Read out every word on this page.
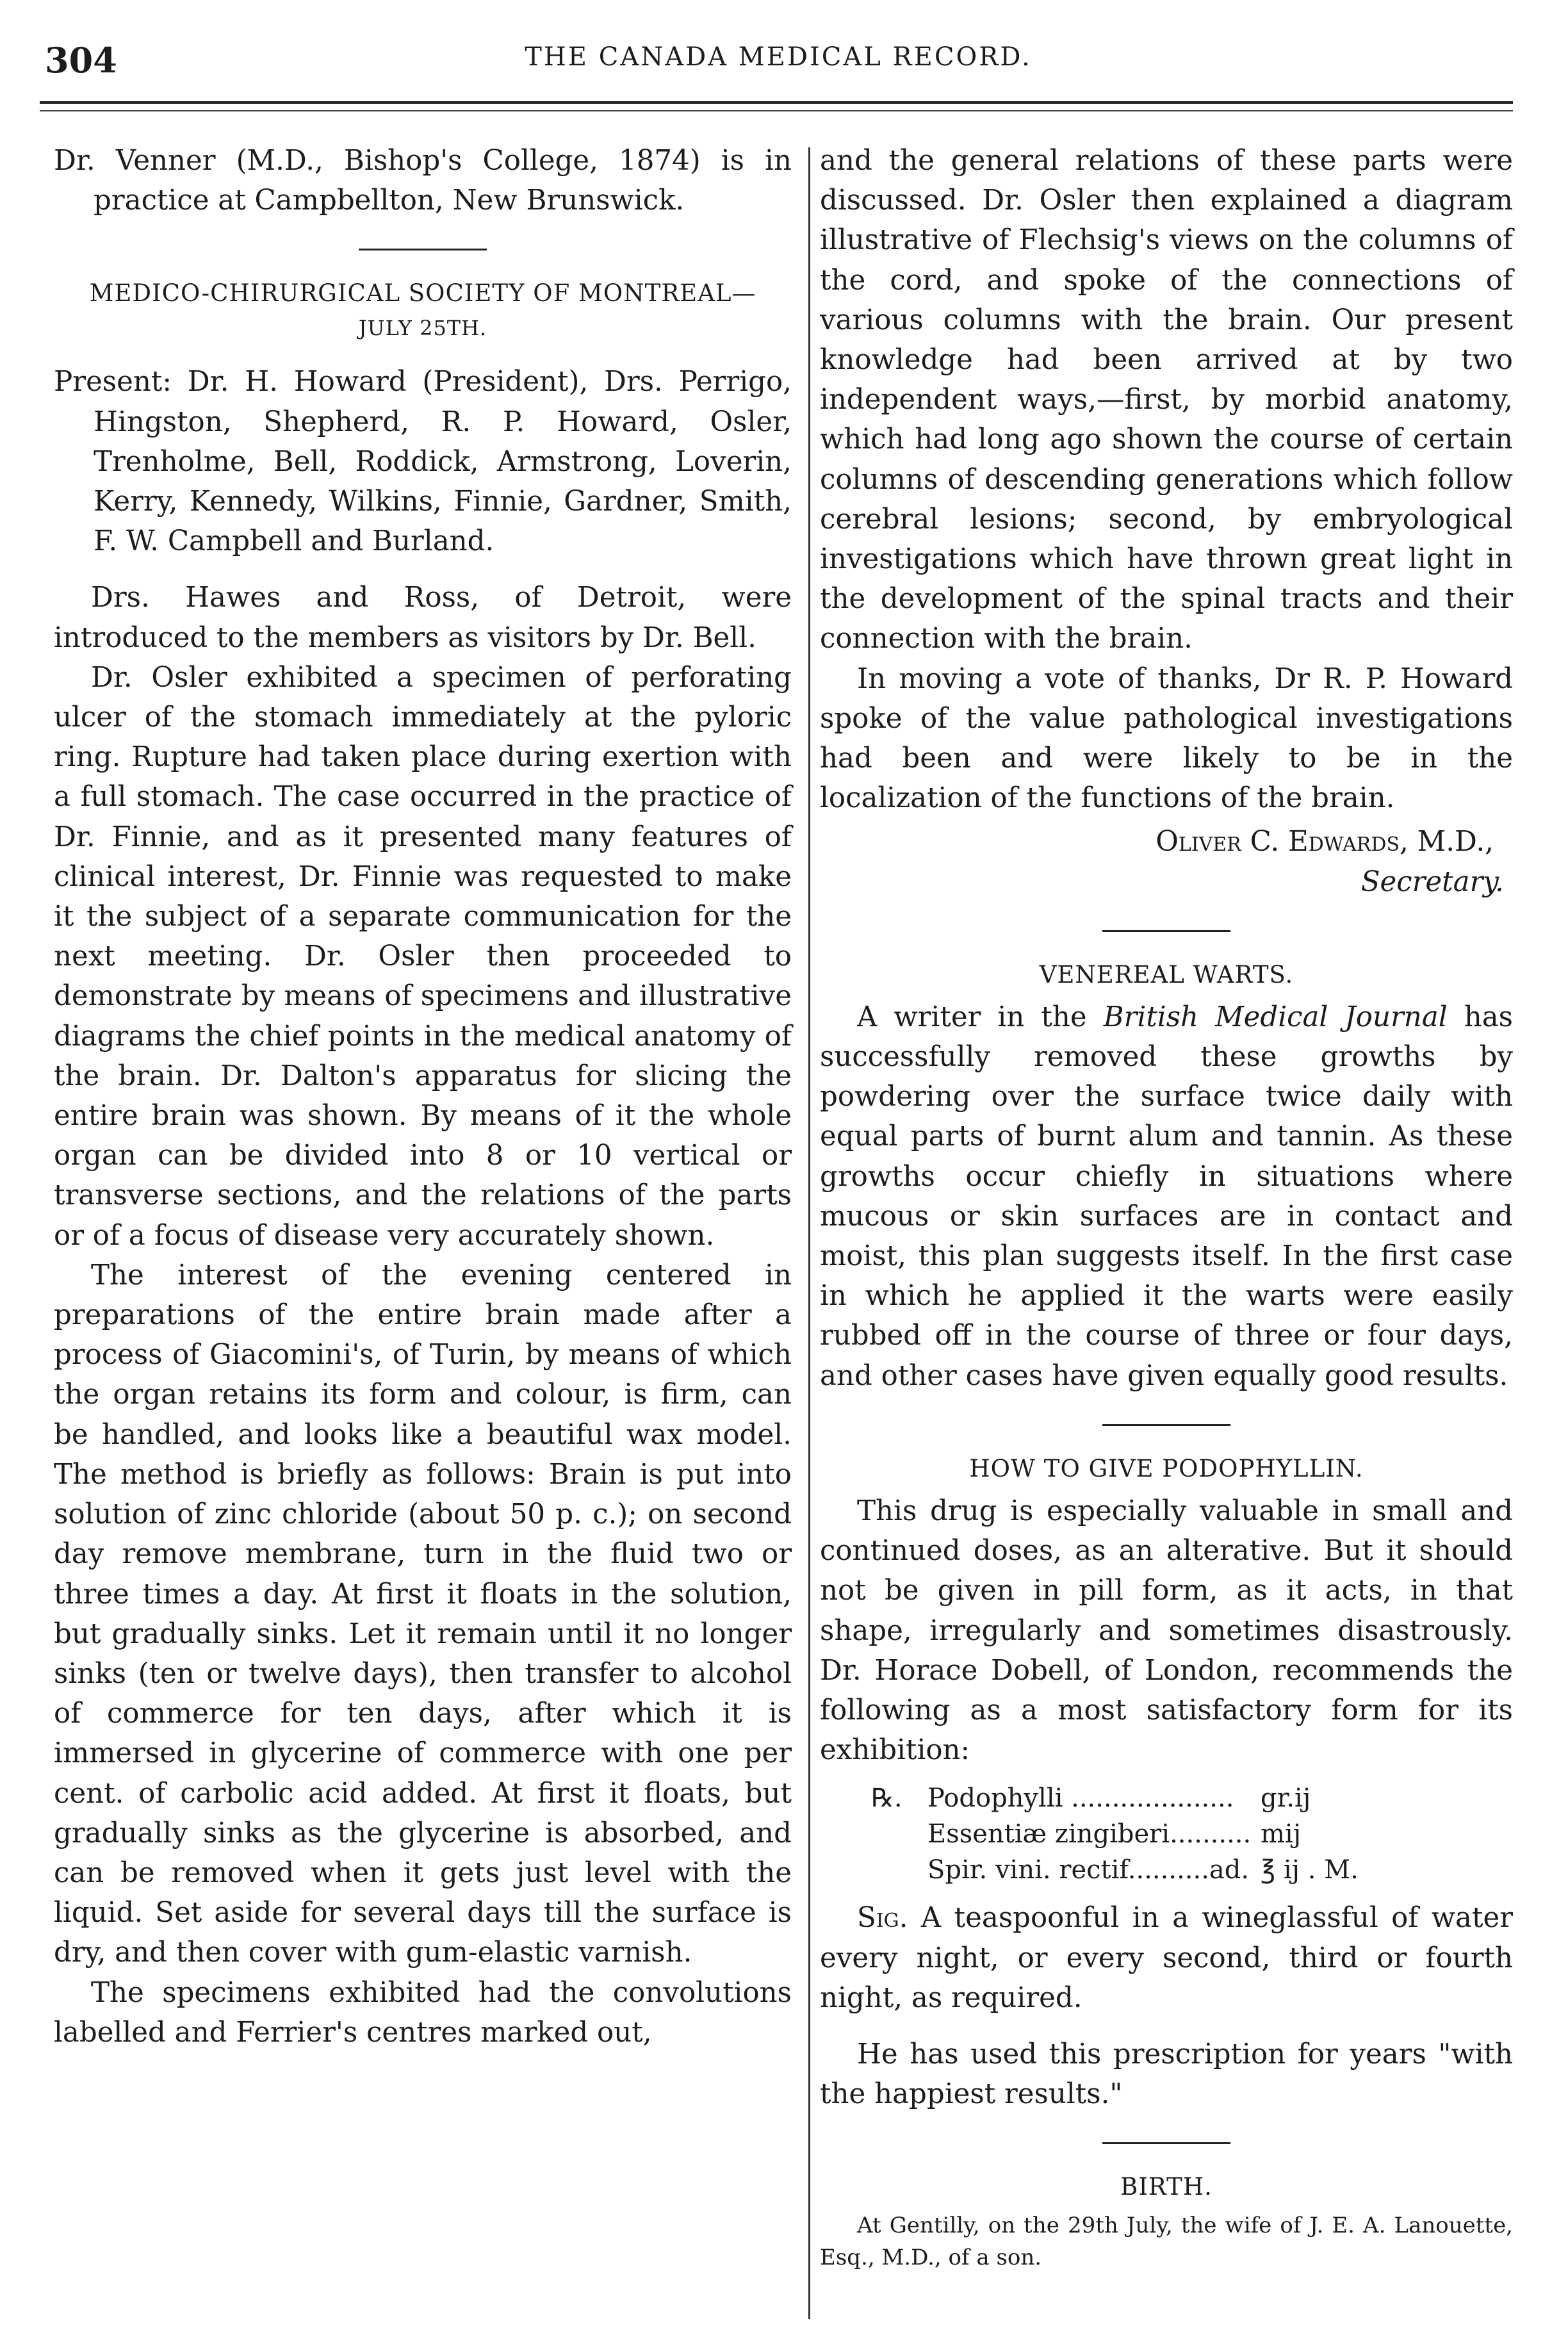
304	THE CANADA MEDICAL RECORD.

Dr. Venner (M.D., Bishop's College, 1874) is in practice at Campbellton, New Brunswick.

MEDICO-CHIRURGICAL SOCIETY OF MONTREAL—

JULY 25TH.

Present: Dr. H. Howard (President), Drs. Perrigo, Hingston, Shepherd, R. P. Howard, Osler, Trenholme, Bell, Roddick, Armstrong, Loverin, Kerry, Kennedy, Wilkins, Finnie, Gardner, Smith, F. W. Campbell and Burland.

Drs. Hawes and Ross, of Detroit, were introduced to the members as visitors by Dr. Bell.

Dr. Osler exhibited a specimen of perforating ulcer of the stomach immediately at the pyloric ring. Rupture had taken place during exertion with a full stomach. The case occurred in the practice of Dr. Finnie, and as it presented many features of clinical interest, Dr. Finnie was requested to make it the subject of a separate communication for the next meeting. Dr. Osler then proceeded to demonstrate by means of specimens and illustrative diagrams the chief points in the medical anatomy of the brain. Dr. Dalton's apparatus for slicing the entire brain was shown. By means of it the whole organ can be divided into 8 or 10 vertical or transverse sections, and the relations of the parts or of a focus of disease very accurately shown.

The interest of the evening centered in preparations of the entire brain made after a process of Giacomini's, of Turin, by means of which the organ retains its form and colour, is firm, can be handled, and looks like a beautiful wax model. The method is briefly as follows: Brain is put into solution of zinc chloride (about 50 p. c.); on second day remove membrane, turn in the fluid two or three times a day. At first it floats in the solution, but gradually sinks. Let it remain until it no longer sinks (ten or twelve days), then transfer to alcohol of commerce for ten days, after which it is immersed in glycerine of commerce with one per cent. of carbolic acid added. At first it floats, but gradually sinks as the glycerine is absorbed, and can be removed when it gets just level with the liquid. Set aside for several days till the surface is dry, and then cover with gum-elastic varnish.

The specimens exhibited had the convolutions labelled and Ferrier's centres marked out,

and the general relations of these parts were discussed. Dr. Osler then explained a diagram illustrative of Flechsig's views on the columns of the cord, and spoke of the connections of various columns with the brain. Our present knowledge had been arrived at by two independent ways,—first, by morbid anatomy, which had long ago shown the course of certain columns of descending generations which follow cerebral lesions; second, by embryological investigations which have thrown great light in the development of the spinal tracts and their connection with the brain.

In moving a vote of thanks, Dr R. P. Howard spoke of the value pathological investigations had been and were likely to be in the localization of the functions of the brain.

Oliver C. Edwards, M.D.,

Secretary.

VENEREAL WARTS.

A writer in the British Medical Journal has successfully removed these growths by powdering over the surface twice daily with equal parts of burnt alum and tannin. As these growths occur chiefly in situations where mucous or skin surfaces are in contact and moist, this plan suggests itself. In the first case in which he applied it the warts were easily rubbed off in the course of three or four days, and other cases have given equally good results.

HOW TO GIVE PODOPHYLLIN.

This drug is especially valuable in small and continued doses, as an alterative. But it should not be given in pill form, as it acts, in that shape, irregularly and sometimes disastrously. Dr. Horace Dobell, of London, recommends the following as a most satisfactory form for its exhibition:

℞. Podophylli ....................	gr.ij
Essentiæ zingiberi.......... mij
Spir. vini. rectif..........ad. ℥ ij . M.

Sig. A teaspoonful in a wineglassful of water every night, or every second, third or fourth night, as required.

He has used this prescription for years "with the happiest results."

BIRTH.

At Gentilly, on the 29th July, the wife of J. E. A. Lanouette, Esq., M.D., of a son.
